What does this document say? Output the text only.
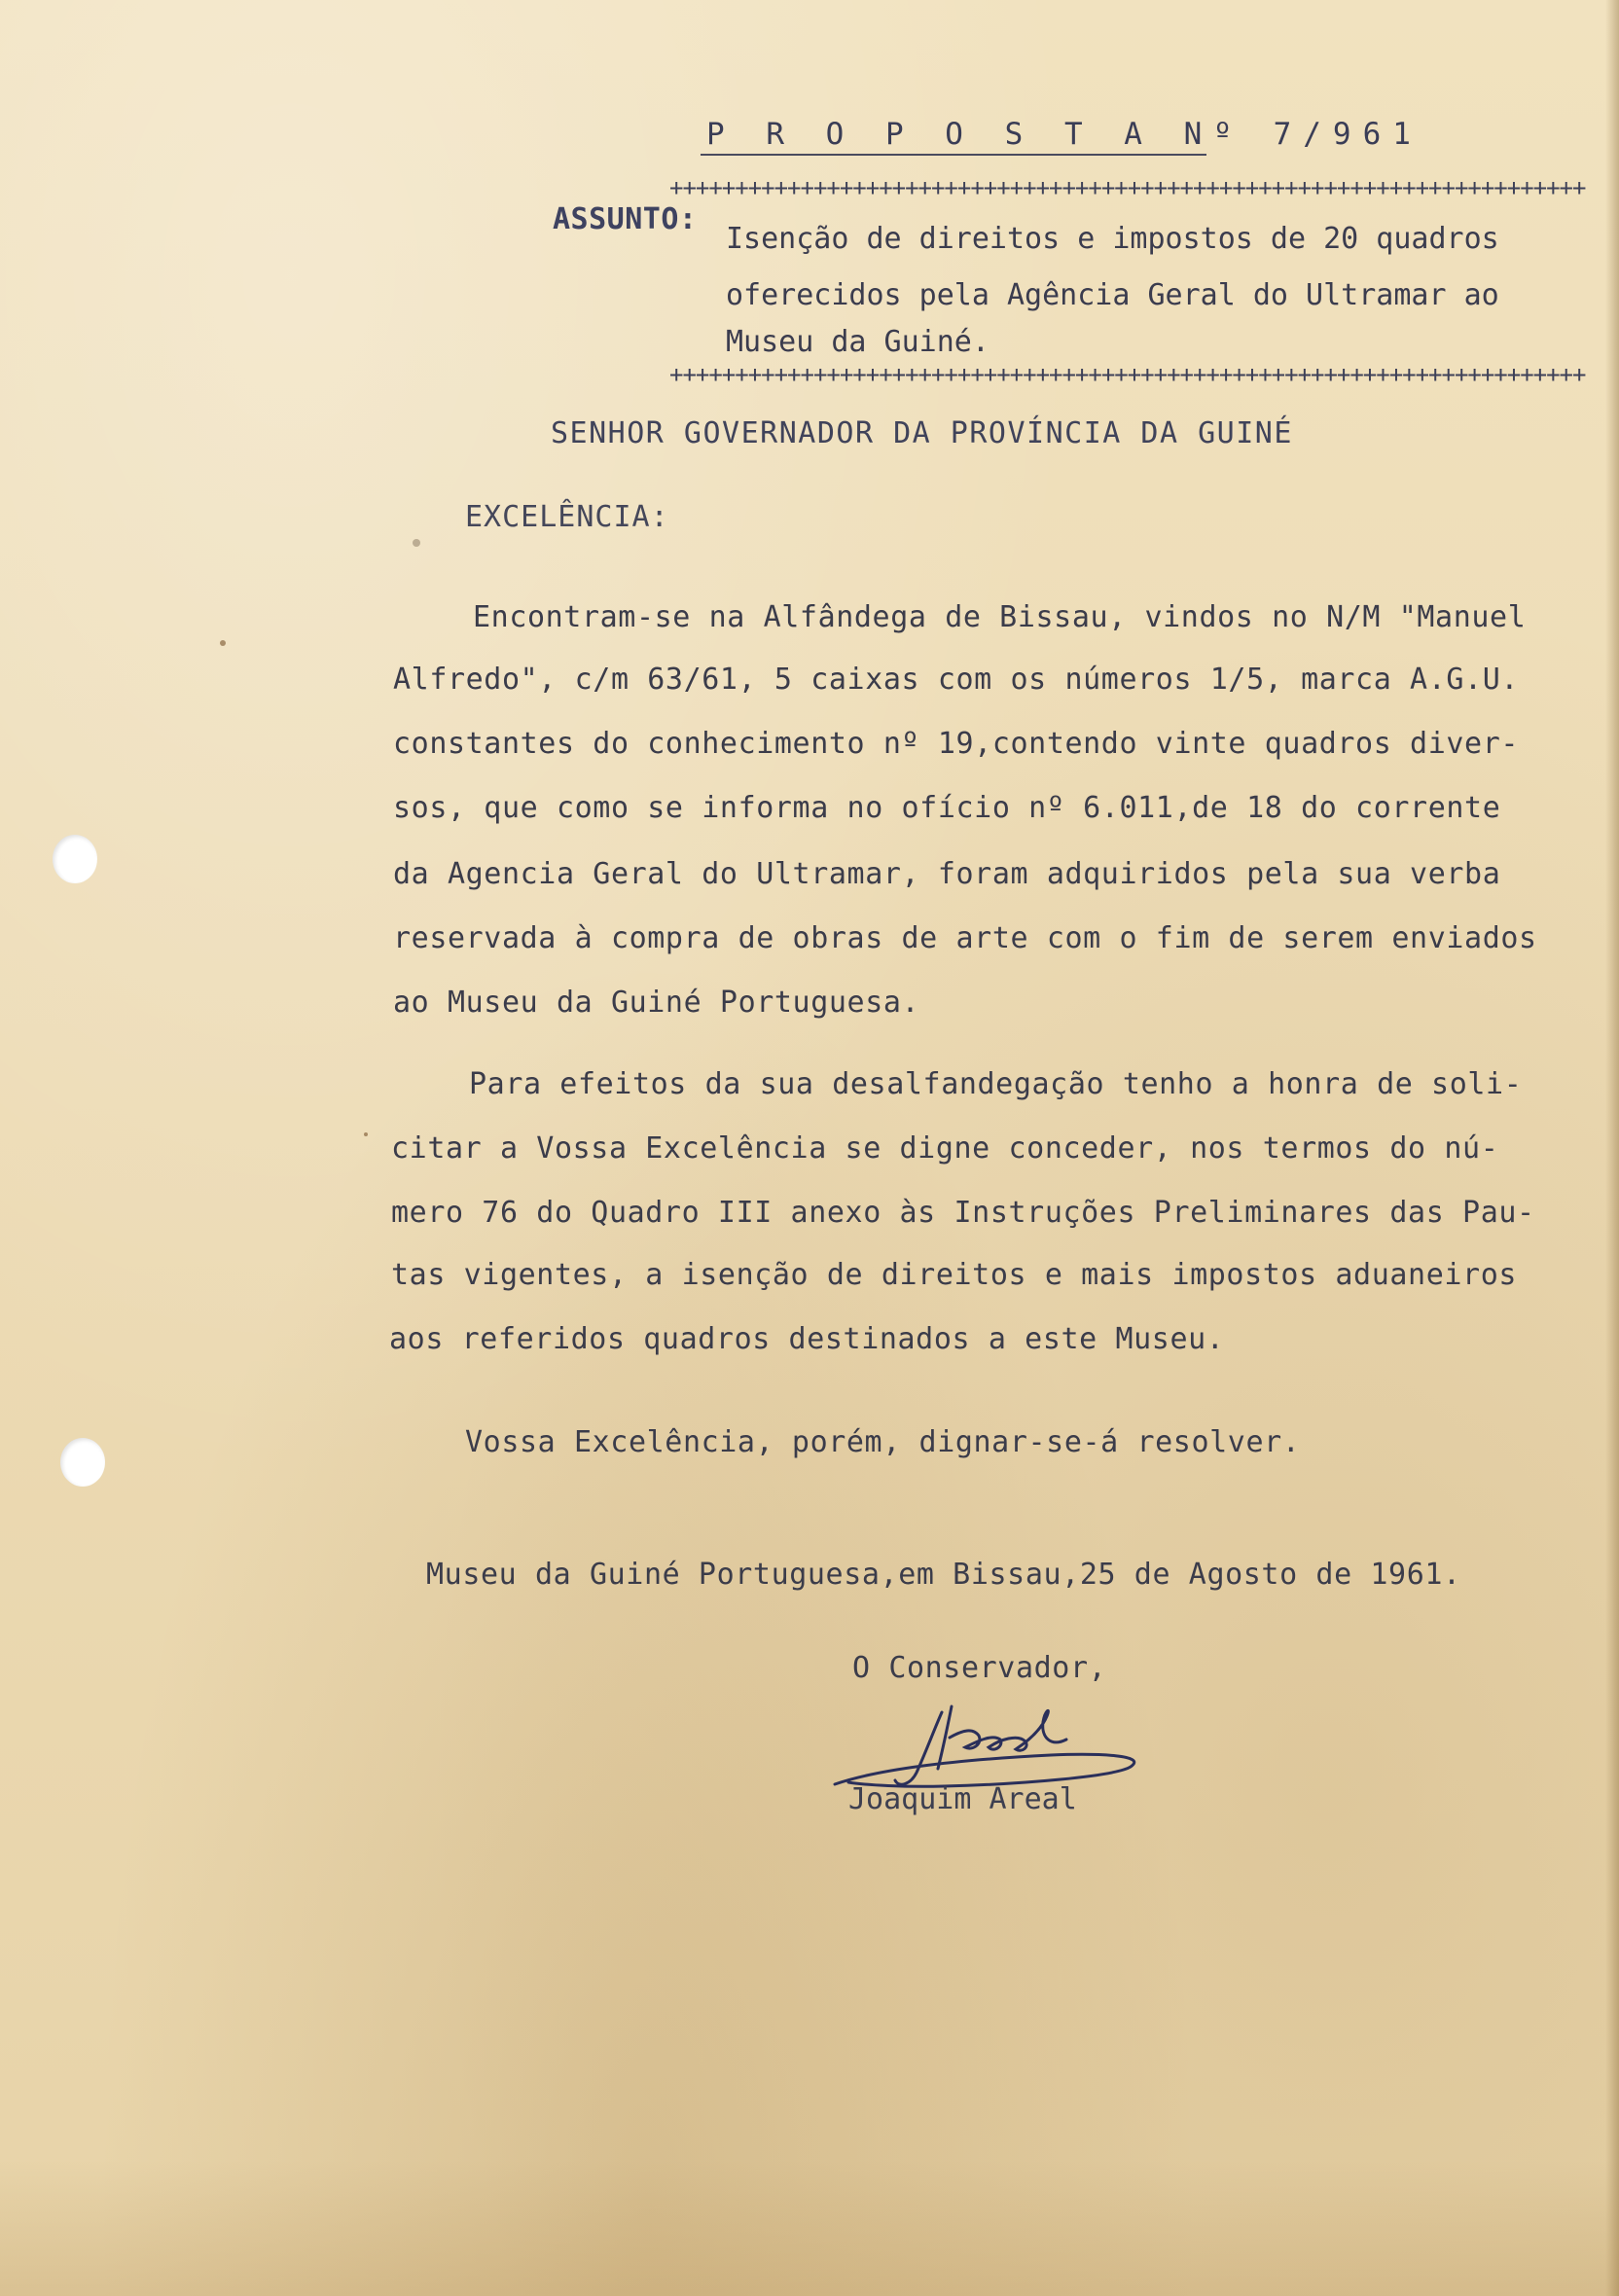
P R O P O S T A Nº 7/961
++++++++++++++++++++++++++++++++++++++++++++++++++++++++++++++++++++++
ASSUNTO:
Isenção de direitos e impostos de 20 quadros
oferecidos pela Agência Geral do Ultramar ao
Museu da Guiné.
++++++++++++++++++++++++++++++++++++++++++++++++++++++++++++++++++++++
SENHOR GOVERNADOR DA PROVÍNCIA DA GUINÉ
EXCELÊNCIA:
Encontram-se na Alfândega de Bissau, vindos no N/M "Manuel
Alfredo", c/m 63/61, 5 caixas com os números 1/5, marca A.G.U.
constantes do conhecimento nº 19,contendo vinte quadros diver-
sos, que como se informa no ofício nº 6.011,de 18 do corrente
da Agencia Geral do Ultramar, foram adquiridos pela sua verba
reservada à compra de obras de arte com o fim de serem enviados
ao Museu da Guiné Portuguesa.
Para efeitos da sua desalfandegação tenho a honra de soli-
citar a Vossa Excelência se digne conceder, nos termos do nú-
mero 76 do Quadro III anexo às Instruções Preliminares das Pau-
tas vigentes, a isenção de direitos e mais impostos aduaneiros
aos referidos quadros destinados a este Museu.
Vossa Excelência, porém, dignar-se-á resolver.
Museu da Guiné Portuguesa,em Bissau,25 de Agosto de 1961.
O Conservador,
Joaquim Areal
